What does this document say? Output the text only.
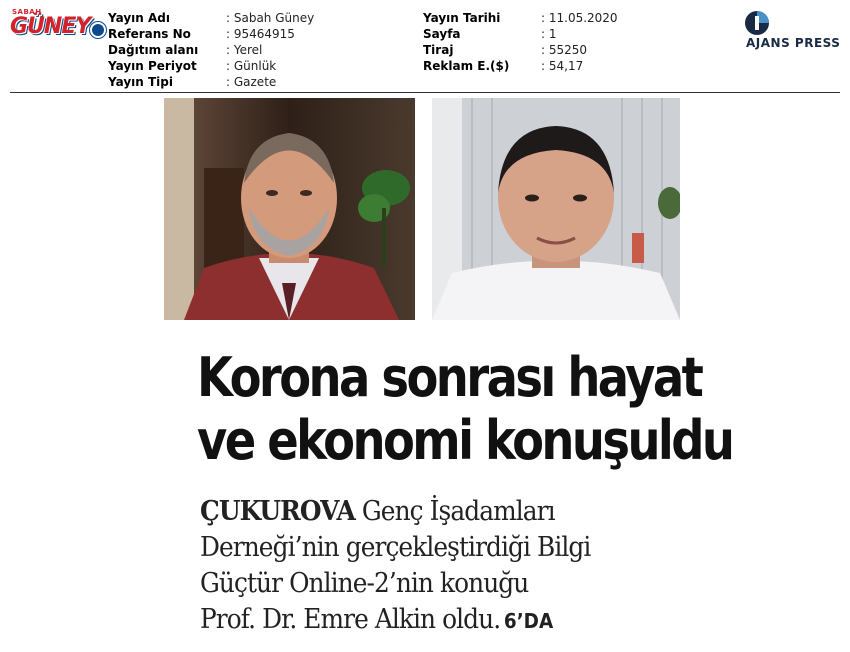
SABAH
GÜNEY Yayın Adı	: Sabah Güney
Referans No	: 95464915
Dağıtım alanı	: Yerel
Yayın Periyot	: Günlük
Yayın Tipi	: Gazete
Yayın Tarihi	: 11.05.2020
Sayfa	: 1
Tiraj	: 55250
Reklam E.($)	: 54,17
AJANS PRESS
Korona sonrası hayat
ve ekonomi konuşuldu
ÇUKUROVA Genç İşadamları
Derneği’nin gerçekleştirdiği Bilgi
Güçtür Online-2’nin konuğu
Prof. Dr. Emre Alkin oldu. 6’DA
